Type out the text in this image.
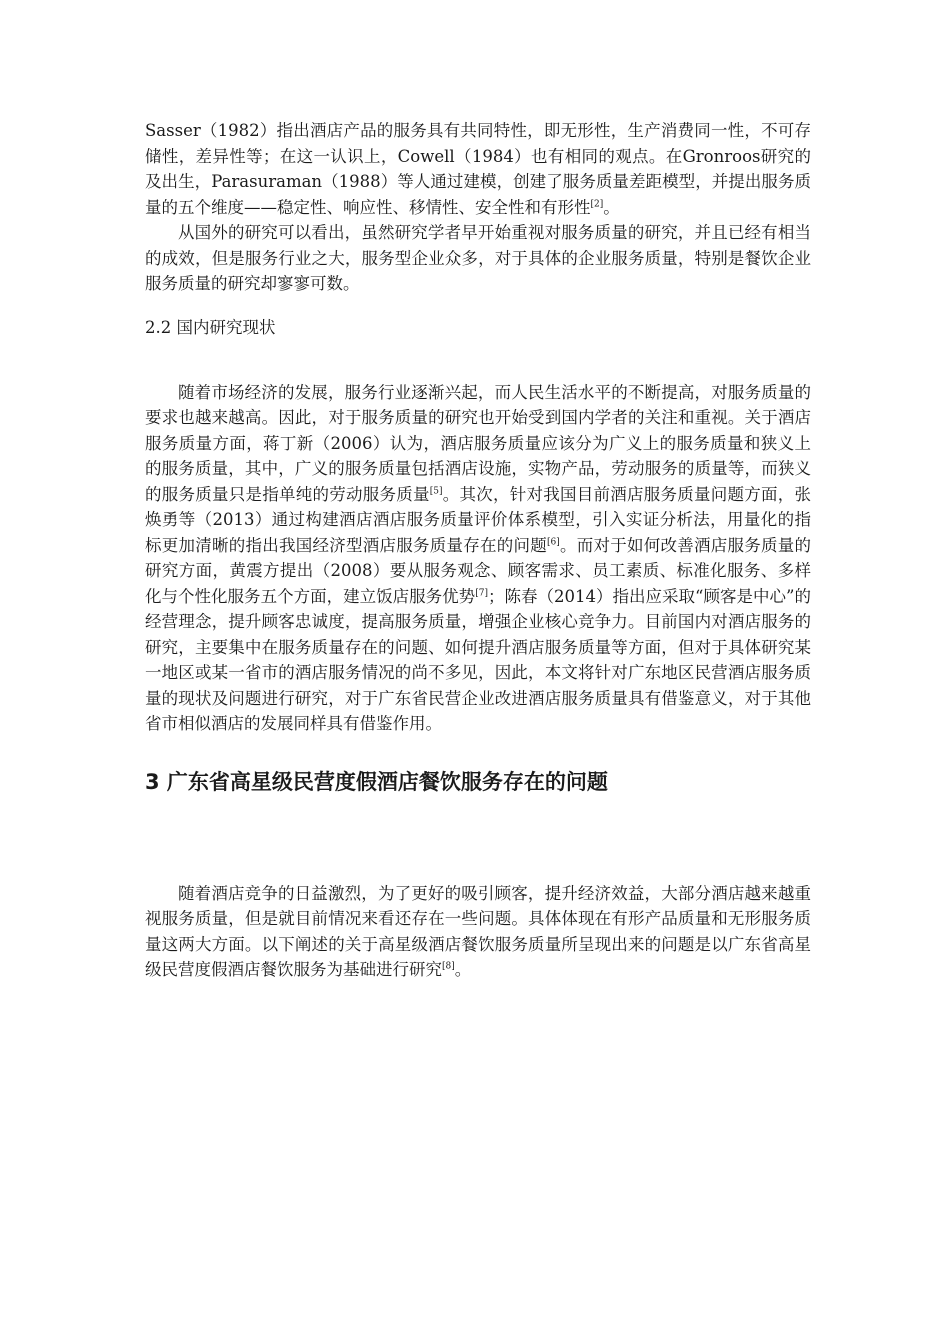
Sasser（1982）指出酒店产品的服务具有共同特性，即无形性，生产消费同一性，不可存储性，差异性等；在这一认识上，Cowell（1984）也有相同的观点。在Gronroos研究的及出生，Parasuraman（1988）等人通过建模，创建了服务质量差距模型，并提出服务质量的五个维度——稳定性、响应性、移情性、安全性和有形性[2]。

从国外的研究可以看出，虽然研究学者早开始重视对服务质量的研究，并且已经有相当的成效，但是服务行业之大，服务型企业众多，对于具体的企业服务质量，特别是餐饮企业服务质量的研究却寥寥可数。

2.2 国内研究现状

随着市场经济的发展，服务行业逐渐兴起，而人民生活水平的不断提高，对服务质量的要求也越来越高。因此，对于服务质量的研究也开始受到国内学者的关注和重视。关于酒店服务质量方面，蒋丁新（2006）认为，酒店服务质量应该分为广义上的服务质量和狭义上的服务质量，其中，广义的服务质量包括酒店设施，实物产品，劳动服务的质量等，而狭义的服务质量只是指单纯的劳动服务质量[5]。其次，针对我国目前酒店服务质量问题方面，张焕勇等（2013）通过构建酒店酒店服务质量评价体系模型，引入实证分析法，用量化的指标更加清晰的指出我国经济型酒店服务质量存在的问题[6]。而对于如何改善酒店服务质量的研究方面，黄震方提出（2008）要从服务观念、顾客需求、员工素质、标准化服务、多样化与个性化服务五个方面，建立饭店服务优势[7]；陈春（2014）指出应采取“顾客是中心”的经营理念，提升顾客忠诚度，提高服务质量，增强企业核心竞争力。目前国内对酒店服务的研究，主要集中在服务质量存在的问题、如何提升酒店服务质量等方面，但对于具体研究某一地区或某一省市的酒店服务情况的尚不多见，因此，本文将针对广东地区民营酒店服务质量的现状及问题进行研究，对于广东省民营企业改进酒店服务质量具有借鉴意义，对于其他省市相似酒店的发展同样具有借鉴作用。

3 广东省高星级民营度假酒店餐饮服务存在的问题

随着酒店竞争的日益激烈，为了更好的吸引顾客，提升经济效益，大部分酒店越来越重视服务质量，但是就目前情况来看还存在一些问题。具体体现在有形产品质量和无形服务质量这两大方面。以下阐述的关于高星级酒店餐饮服务质量所呈现出来的问题是以广东省高星级民营度假酒店餐饮服务为基础进行研究[8]。
